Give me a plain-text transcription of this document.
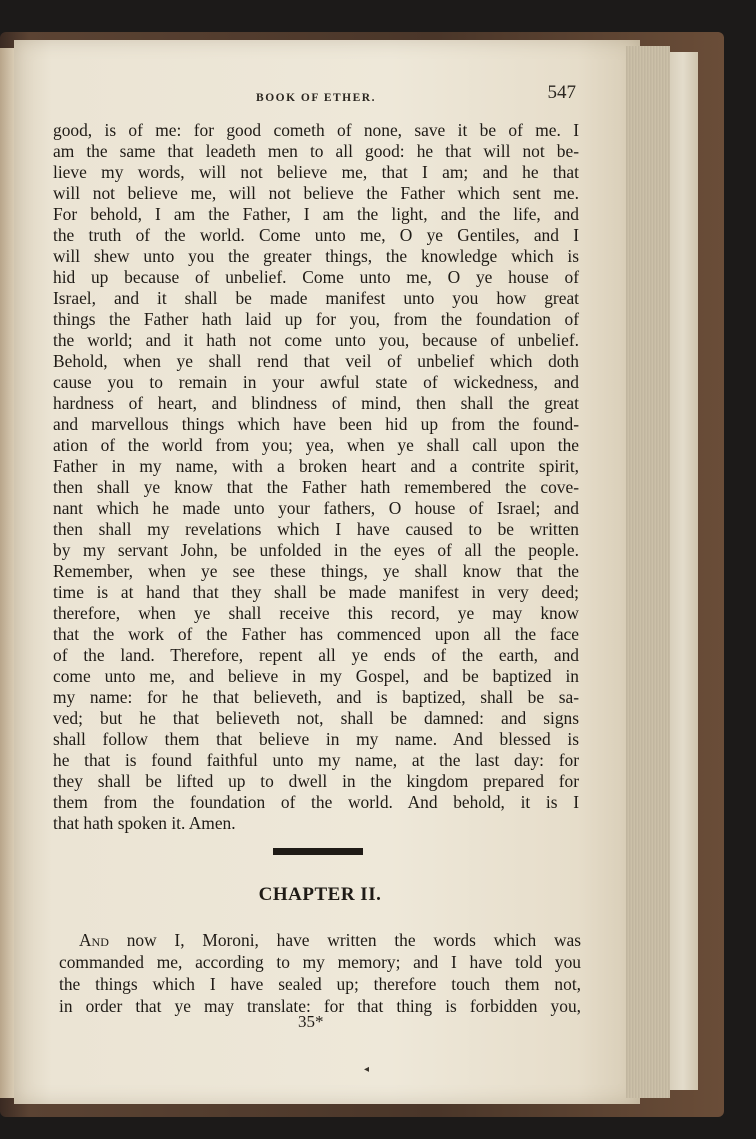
BOOK OF ETHER.	547
good, is of me: for good cometh of none, save it be of me. I
am the same that leadeth men to all good: he that will not be-
lieve my words, will not believe me, that I am; and he that
will not believe me, will not believe the Father which sent me.
For behold, I am the Father, I am the light, and the life, and
the truth of the world. Come unto me, O ye Gentiles, and I
will shew unto you the greater things, the knowledge which is
hid up because of unbelief. Come unto me, O ye house of
Israel, and it shall be made manifest unto you how great
things the Father hath laid up for you, from the foundation of
the world; and it hath not come unto you, because of unbelief.
Behold, when ye shall rend that veil of unbelief which doth
cause you to remain in your awful state of wickedness, and
hardness of heart, and blindness of mind, then shall the great
and marvellous things which have been hid up from the found-
ation of the world from you; yea, when ye shall call upon the
Father in my name, with a broken heart and a contrite spirit,
then shall ye know that the Father hath remembered the cove-
nant which he made unto your fathers, O house of Israel; and
then shall my revelations which I have caused to be written
by my servant John, be unfolded in the eyes of all the people.
Remember, when ye see these things, ye shall know that the
time is at hand that they shall be made manifest in very deed;
therefore, when ye shall receive this record, ye may know
that the work of the Father has commenced upon all the face
of the land. Therefore, repent all ye ends of the earth, and
come unto me, and believe in my Gospel, and be baptized in
my name: for he that believeth, and is baptized, shall be sa-
ved; but he that believeth not, shall be damned: and signs
shall follow them that believe in my name. And blessed is
he that is found faithful unto my name, at the last day: for
they shall be lifted up to dwell in the kingdom prepared for
them from the foundation of the world. And behold, it is I
that hath spoken it. Amen.
CHAPTER II.
And now I, Moroni, have written the words which was
commanded me, according to my memory; and I have told you
the things which I have sealed up; therefore touch them not,
in order that ye may translate: for that thing is forbidden you,
35*
◂
